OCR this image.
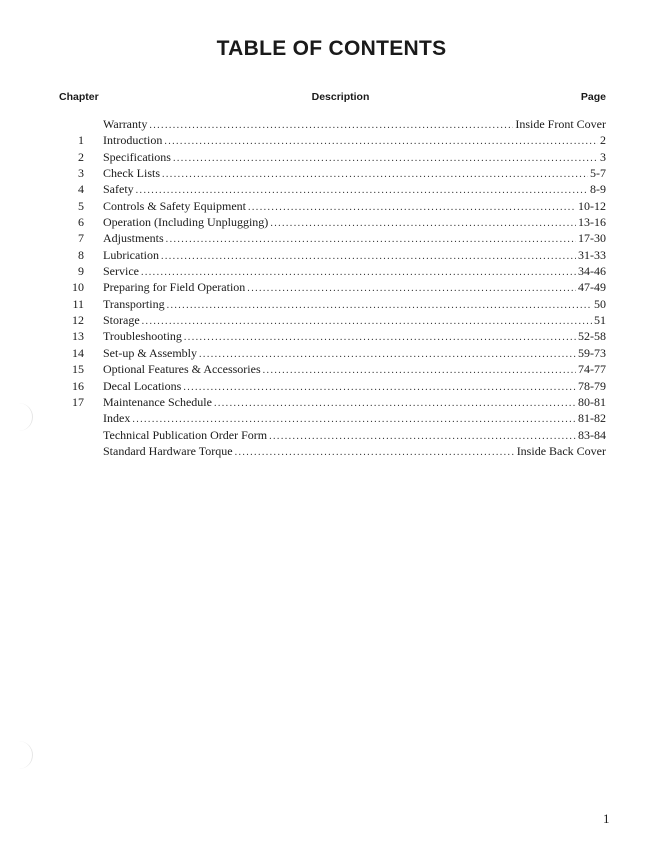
TABLE OF CONTENTS
Chapter	Description	Page
Warranty .....	Inside Front Cover
1 Introduction .....	2
2 Specifications .....	3
3 Check Lists .....	5-7
4 Safety .....	8-9
5 Controls & Safety Equipment .....	10-12
6 Operation (Including Unplugging) .....	13-16
7 Adjustments .....	17-30
8 Lubrication .....	31-33
9 Service .....	34-46
10 Preparing for Field Operation .....	47-49
11 Transporting .....	50
12 Storage .....	51
13 Troubleshooting .....	52-58
14 Set-up & Assembly .....	59-73
15 Optional Features & Accessories .....	74-77
16 Decal Locations .....	78-79
17 Maintenance Schedule .....	80-81
Index .....	81-82
Technical Publication Order Form .....	83-84
Standard Hardware Torque .....	Inside Back Cover
1
